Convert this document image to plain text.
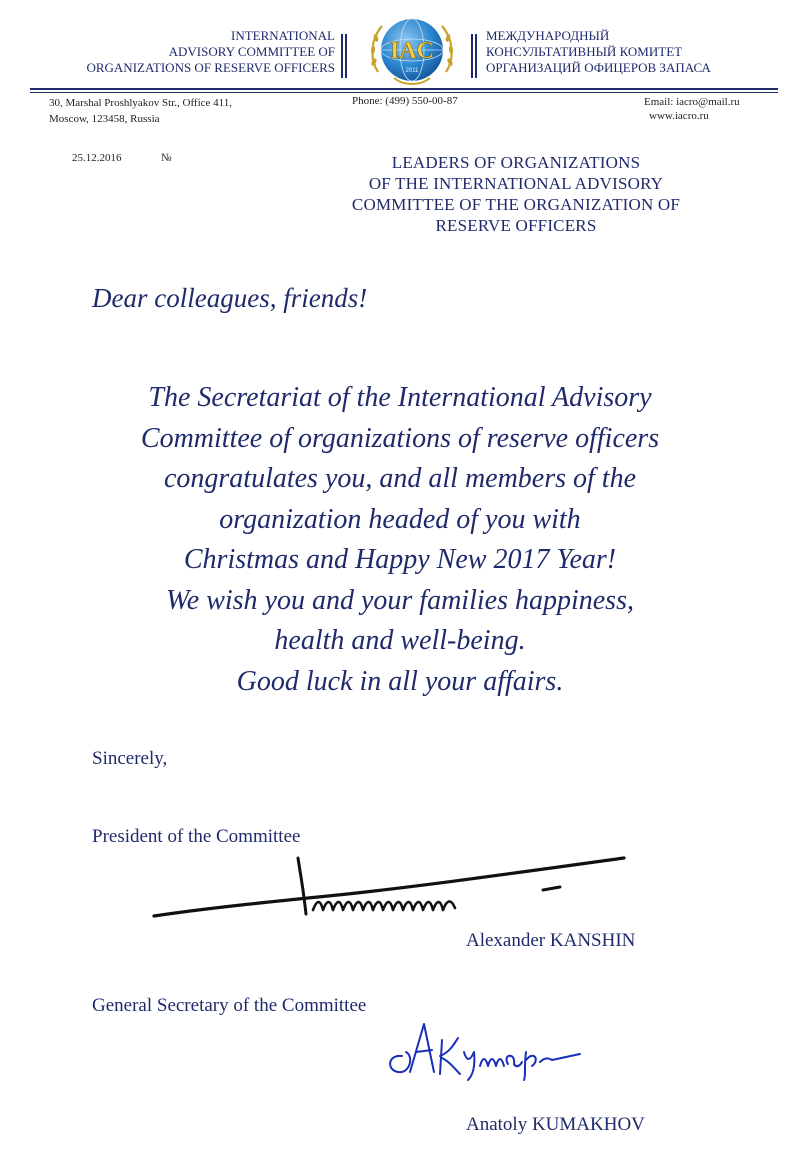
INTERNATIONAL
ADVISORY COMMITTEE OF
ORGANIZATIONS OF RESERVE OFFICERS
IAC
2011
МЕЖДУНАРОДНЫЙ
КОНСУЛЬТАТИВНЫЙ КОМИТЕТ
ОРГАНИЗАЦИЙ ОФИЦЕРОВ ЗАПАСА
30, Marshal Proshlyakov Str., Office 411,
Moscow, 123458, Russia
Phone: (499) 550-00-87	Email: iacro@mail.ru
www.iacro.ru
25.12.2016	№	LEADERS OF ORGANIZATIONS
OF THE INTERNATIONAL ADVISORY
COMMITTEE OF THE ORGANIZATION OF
RESERVE OFFICERS
Dear colleagues, friends!
The Secretariat of the International Advisory
Committee of organizations of reserve officers
congratulates you, and all members of the
organization headed of you with
Christmas and Happy New 2017 Year!
We wish you and your families happiness,
health and well-being.
Good luck in all your affairs.
Sincerely,
President of the Committee
Alexander KANSHIN
General Secretary of the Committee
Anatoly KUMAKHOV
